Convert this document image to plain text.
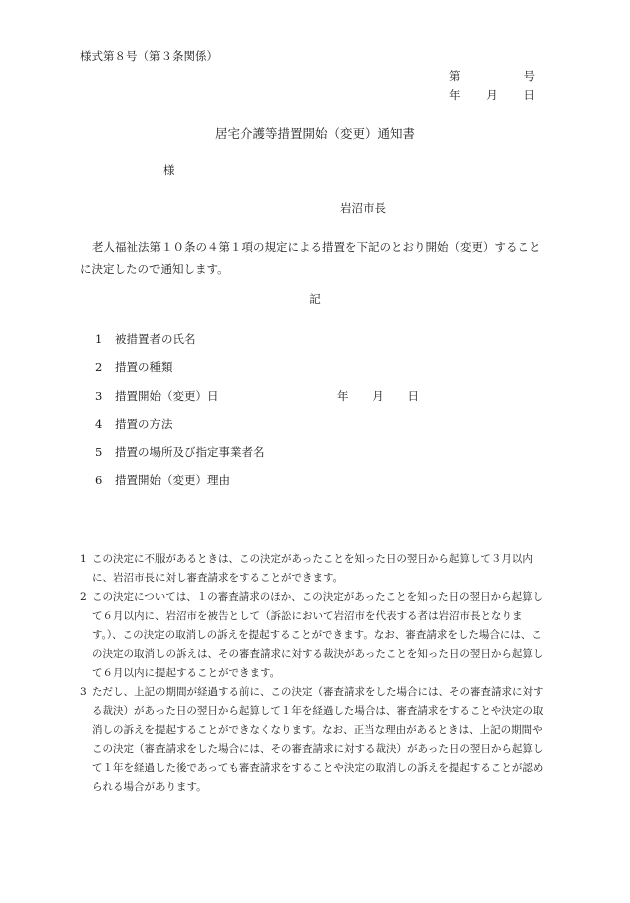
様式第８号（第３条関係）
第	号
年 月 日
居宅介護等措置開始（変更）通知書
様
岩沼市長
老人福祉法第１０条の４第１項の規定による措置を下記のとおり開始（変更）することに決定したので通知します。
記
1 被措置者の氏名
2 措置の種類
3 措置開始（変更）日	年 月 日
4 措置の方法
5 措置の場所及び指定事業者名
6 措置開始（変更）理由
1 この決定に不服があるときは、この決定があったことを知った日の翌日から起算して３月以内に、岩沼市長に対し審査請求をすることができます。
2 この決定については、１の審査請求のほか、この決定があったことを知った日の翌日から起算して６月以内に、岩沼市を被告として（訴訟において岩沼市を代表する者は岩沼市長となります。）、この決定の取消しの訴えを提起することができます。なお、審査請求をした場合には、この決定の取消しの訴えは、その審査請求に対する裁決があったことを知った日の翌日から起算して６月以内に提起することができます。
3 ただし、上記の期間が経過する前に、この決定（審査請求をした場合には、その審査請求に対する裁決）があった日の翌日から起算して１年を経過した場合は、審査請求をすることや決定の取消しの訴えを提起することができなくなります。なお、正当な理由があるときは、上記の期間やこの決定（審査請求をした場合には、その審査請求に対する裁決）があった日の翌日から起算して１年を経過した後であっても審査請求をすることや決定の取消しの訴えを提起することが認められる場合があります。
